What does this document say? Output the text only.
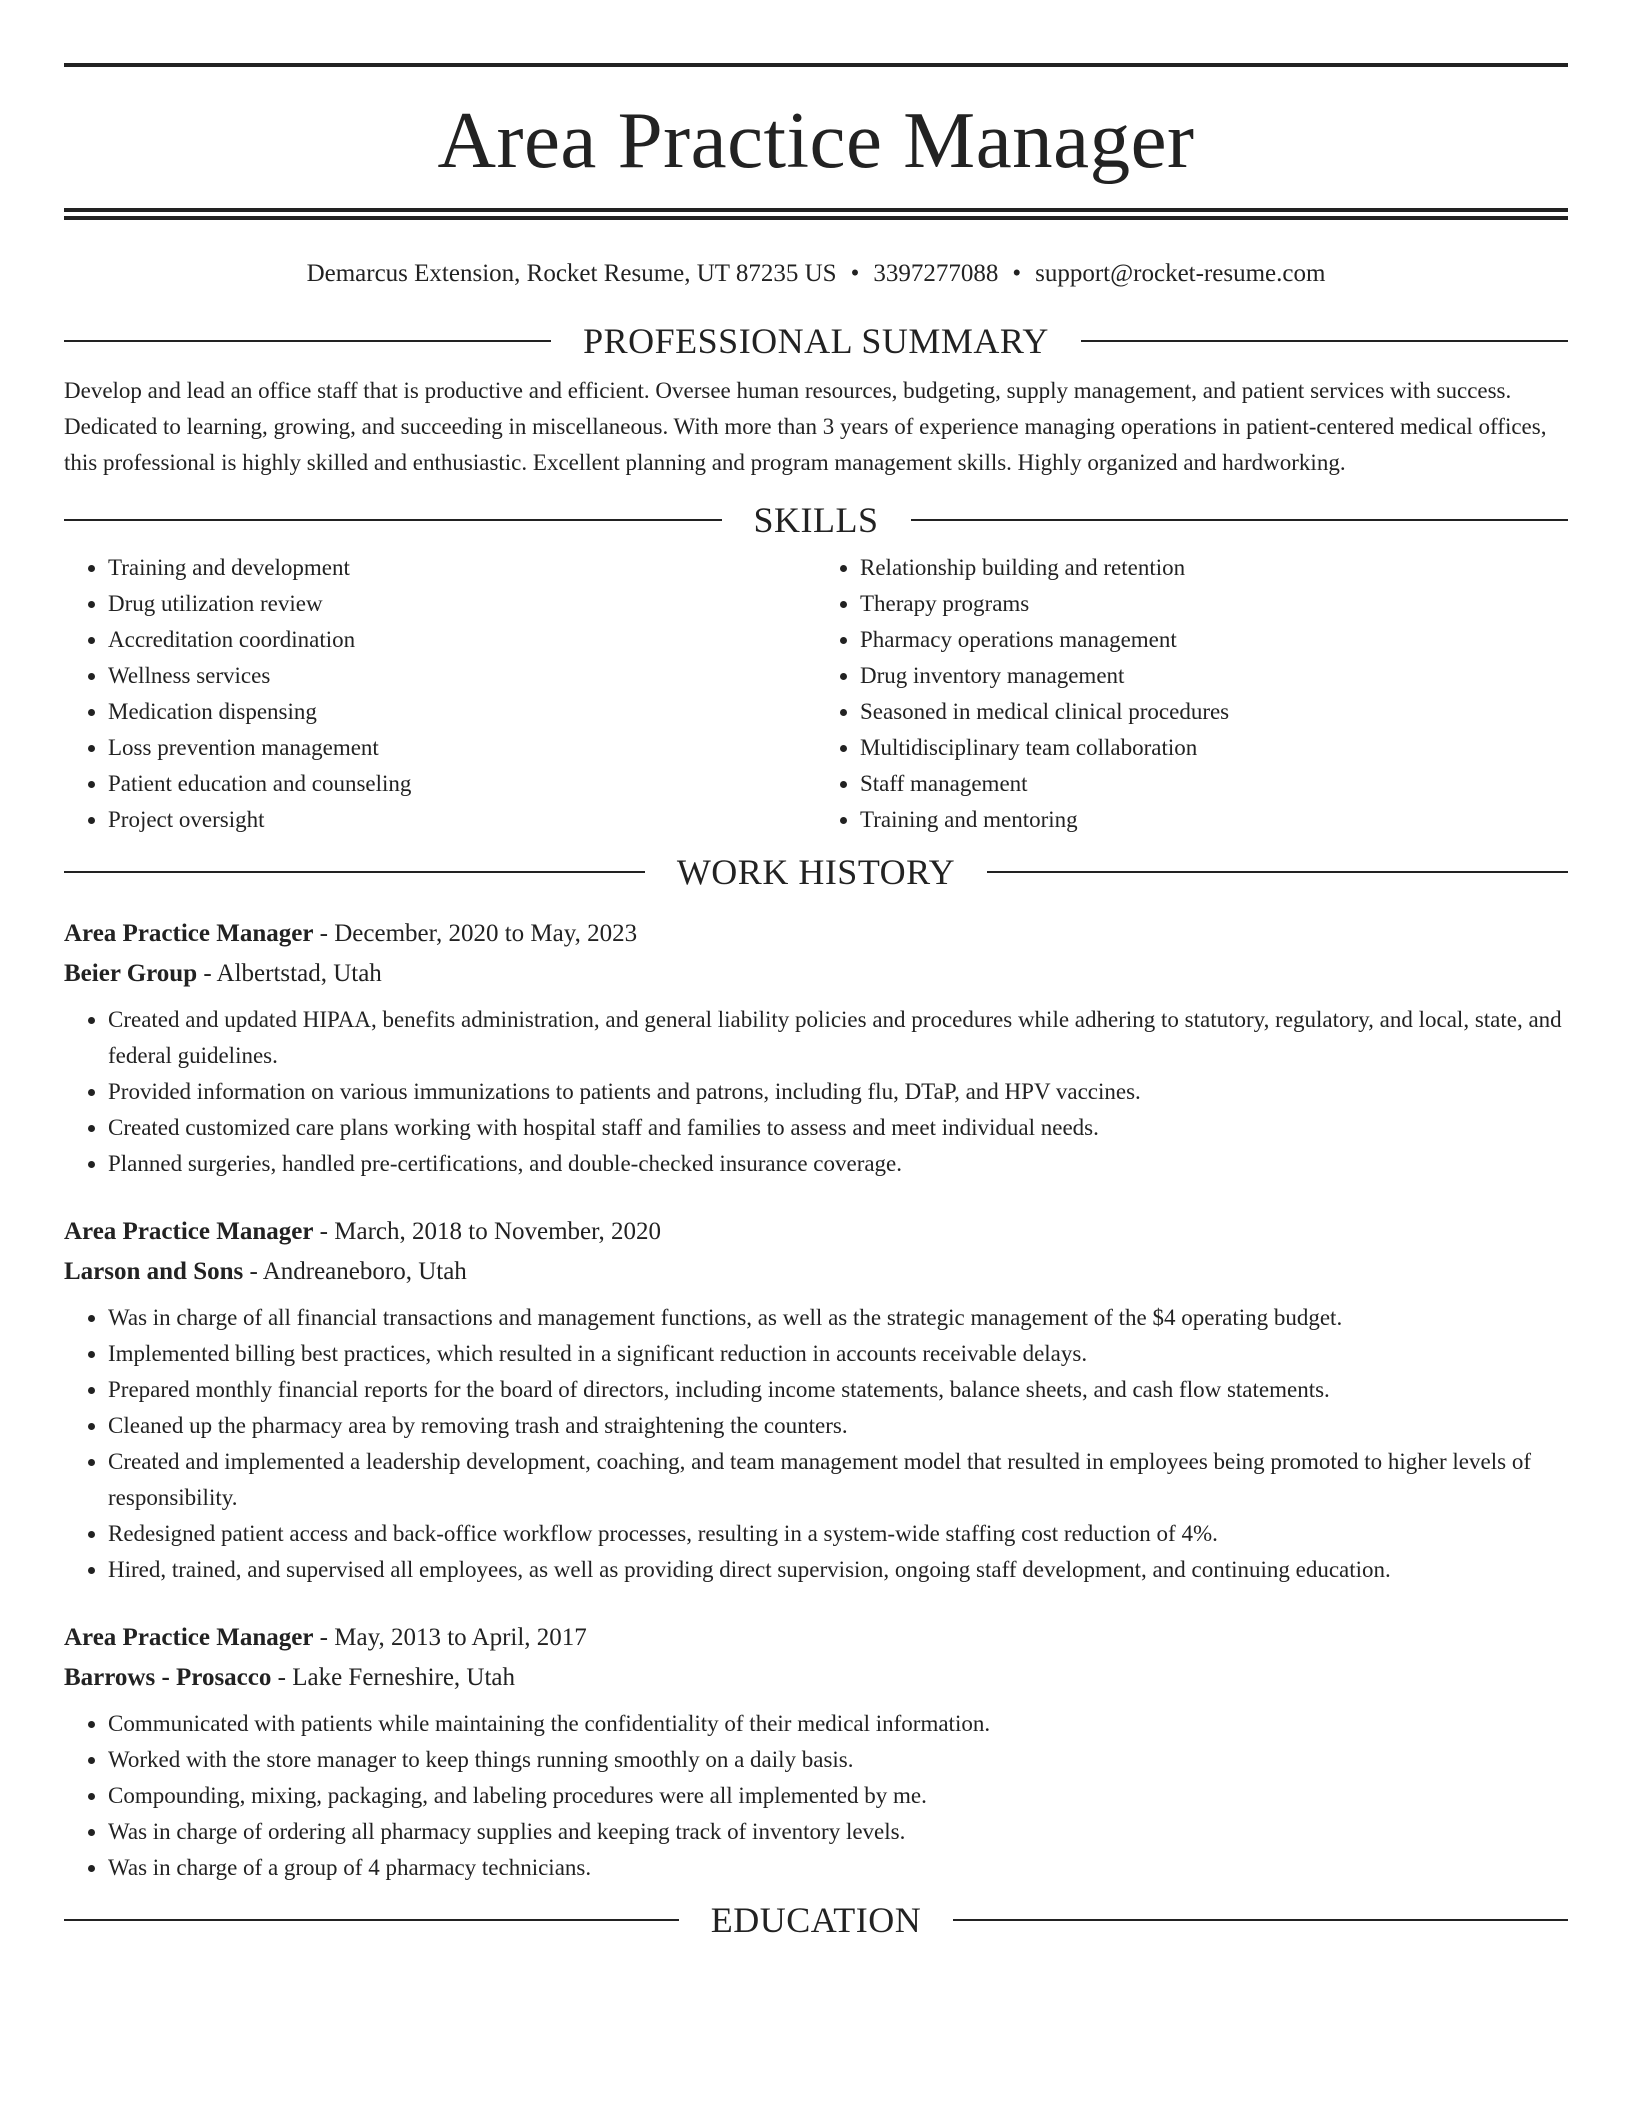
Area Practice Manager
Demarcus Extension, Rocket Resume, UT 87235 US • 3397277088 • support@rocket-resume.com
PROFESSIONAL SUMMARY
Develop and lead an office staff that is productive and efficient. Oversee human resources, budgeting, supply management, and patient services with success. Dedicated to learning, growing, and succeeding in miscellaneous. With more than 3 years of experience managing operations in patient-centered medical offices, this professional is highly skilled and enthusiastic. Excellent planning and program management skills. Highly organized and hardworking.
SKILLS
• Training and development
• Drug utilization review
• Accreditation coordination
• Wellness services
• Medication dispensing
• Loss prevention management
• Patient education and counseling
• Project oversight
• Relationship building and retention
• Therapy programs
• Pharmacy operations management
• Drug inventory management
• Seasoned in medical clinical procedures
• Multidisciplinary team collaboration
• Staff management
• Training and mentoring
WORK HISTORY
Area Practice Manager - December, 2020 to May, 2023
Beier Group - Albertstad, Utah
• Created and updated HIPAA, benefits administration, and general liability policies and procedures while adhering to statutory, regulatory, and local, state, and federal guidelines.
• Provided information on various immunizations to patients and patrons, including flu, DTaP, and HPV vaccines.
• Created customized care plans working with hospital staff and families to assess and meet individual needs.
• Planned surgeries, handled pre-certifications, and double-checked insurance coverage.
Area Practice Manager - March, 2018 to November, 2020
Larson and Sons - Andreaneboro, Utah
• Was in charge of all financial transactions and management functions, as well as the strategic management of the $4 operating budget.
• Implemented billing best practices, which resulted in a significant reduction in accounts receivable delays.
• Prepared monthly financial reports for the board of directors, including income statements, balance sheets, and cash flow statements.
• Cleaned up the pharmacy area by removing trash and straightening the counters.
• Created and implemented a leadership development, coaching, and team management model that resulted in employees being promoted to higher levels of responsibility.
• Redesigned patient access and back-office workflow processes, resulting in a system-wide staffing cost reduction of 4%.
• Hired, trained, and supervised all employees, as well as providing direct supervision, ongoing staff development, and continuing education.
Area Practice Manager - May, 2013 to April, 2017
Barrows - Prosacco - Lake Ferneshire, Utah
• Communicated with patients while maintaining the confidentiality of their medical information.
• Worked with the store manager to keep things running smoothly on a daily basis.
• Compounding, mixing, packaging, and labeling procedures were all implemented by me.
• Was in charge of ordering all pharmacy supplies and keeping track of inventory levels.
• Was in charge of a group of 4 pharmacy technicians.
EDUCATION
